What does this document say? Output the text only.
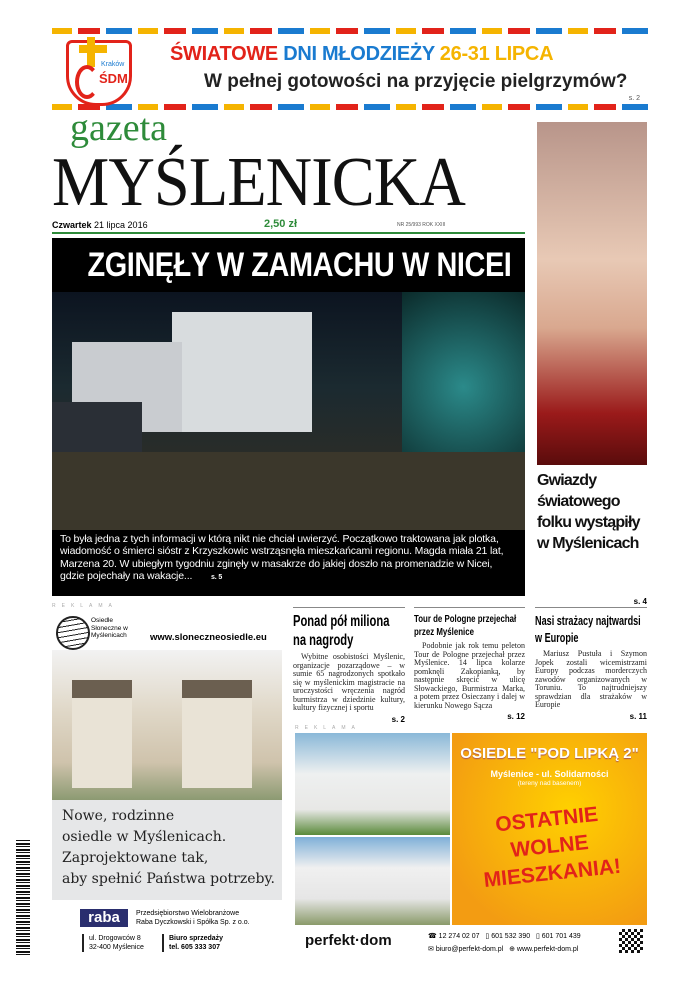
Kraków
ŚDM
ŚWIATOWE DNI MŁODZIEŻY 26-31 LIPCA
W pełnej gotowości na przyjęcie pielgrzymów?
s. 2
gazeta
MYŚLENICKA
Czwartek 21 lipca 2016	2,50 zł	NR 25/993 ROK XXIII
ZGINĘŁY W ZAMACHU W NICEI
To była jedna z tych informacji w którą nikt nie chciał uwierzyć. Początkowo traktowana jak plotka, wiadomość o śmierci sióstr z Krzyszkowic wstrząsnęła mieszkańcami regionu. Magda miała 21 lat, Marzena 20. W ubiegłym tygodniu zginęły w masakrze do jakiej doszło na promenadzie w Nicei, gdzie pojechały na wakacje...	s. 5
Gwiazdy światowego folku wystąpiły w Myślenicach
s. 4
REKLAMA
REKLAMA
Ponad pół miliona na nagrody
Wybitne osobistości Myślenic, organizacje pozarządowe – w sumie 65 nagrodzonych spotkało się w myślenickim magistracie na uroczystości wręczenia nagród burmistrza w dziedzinie kultury, kultury fizycznej i sportu
s. 2
Tour de Pologne przejechał przez Myślenice
Podobnie jak rok temu peleton Tour de Pologne przejechał przez Myślenice. 14 lipca kolarze pomknęli Zakopianką, by następnie skręcić w ulicę Słowackiego, Burmistrza Marka, a potem przez Osieczany i dalej w kierunku Nowego Sącza
s. 12
Nasi strażacy najtwardsi w Europie
Mariusz Pustuła i Szymon Jopek zostali wicemistrzami Europy podczas morderczych zawodów organizowanych w Toruniu. To najtrudniejszy sprawdzian dla strażaków w Europie
s. 11
Osiedle Słoneczne w Myślenicach	www.sloneczneosiedle.eu
Nowe, rodzinne
osiedle w Myślenicach.
Zaprojektowane tak,
aby spełnić Państwa potrzeby.
raba	Przedsiębiorstwo Wielobranżowe
Raba Dyczkowski i Spółka Sp. z o.o.
ul. Drogowców 8
32-400 Myślenice
Biuro sprzedaży
tel. 605 333 307
OSIEDLE "POD LIPKĄ 2"
Myślenice - ul. Solidarności
(tereny nad basenem)
OSTATNIE
WOLNE
MIESZKANIA!
perfekt·dom	☎ 12 274 02 07   ▯ 601 532 390   ▯ 601 701 439
✉ biuro@perfekt-dom.pl   ⊕ www.perfekt-dom.pl
